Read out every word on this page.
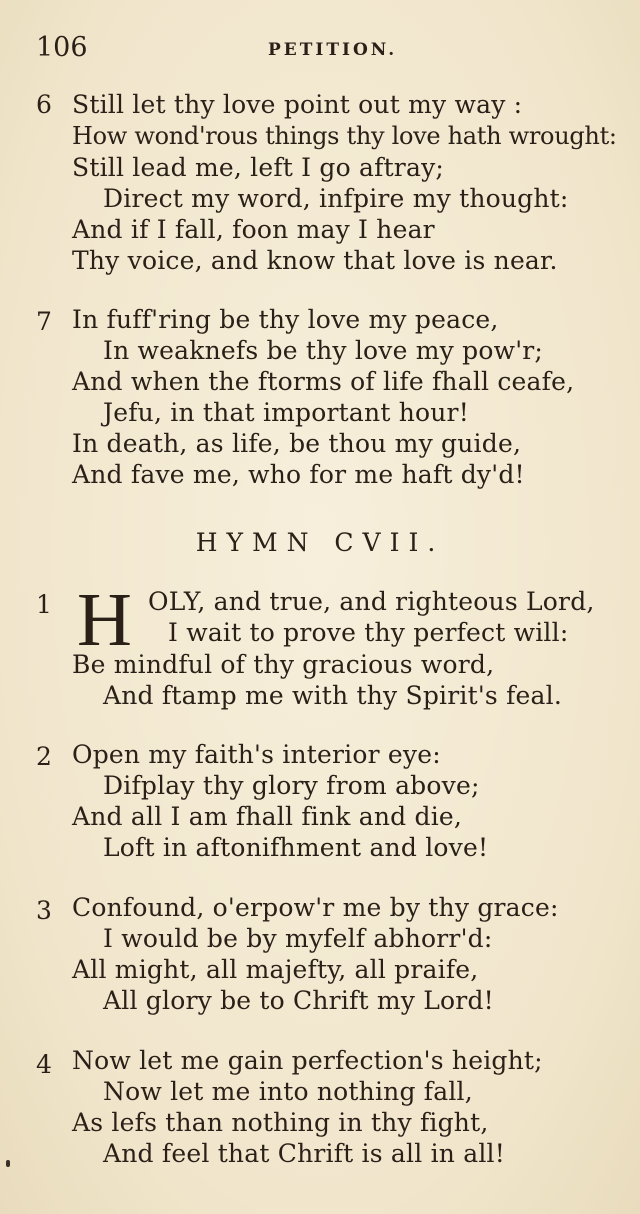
106	PETITION.
6 Still let thy love point out my way :
How wond'rous things thy love hath wrought:
Still lead me, left I go aftray;
Direct my word, infpire my thought:
And if I fall, foon may I hear
Thy voice, and know that love is near.
7 In fuff'ring be thy love my peace,
In weaknefs be thy love my pow'r;
And when the ftorms of life fhall ceafe,
Jefu, in that important hour!
In death, as life, be thou my guide,
And fave me, who for me haft dy'd!
HYMN CVII.
1 H OLY, and true, and righteous Lord,
I wait to prove thy perfect will:
Be mindful of thy gracious word,
And ftamp me with thy Spirit's feal.
2 Open my faith's interior eye:
Difplay thy glory from above;
And all I am fhall fink and die,
Loft in aftonifhment and love!
3 Confound, o'erpow'r me by thy grace:
I would be by myfelf abhorr'd:
All might, all majefty, all praife,
All glory be to Chrift my Lord!
4 Now let me gain perfection's height;
Now let me into nothing fall,
As lefs than nothing in thy fight,
And feel that Chrift is all in all!
